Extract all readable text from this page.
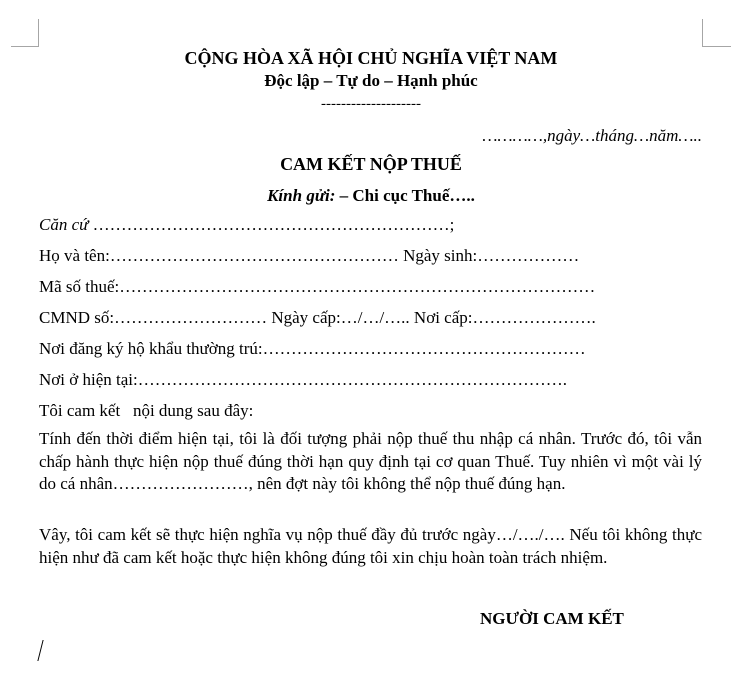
CỘNG HÒA XÃ HỘI CHỦ NGHĨA VIỆT NAM
Độc lập – Tự do – Hạnh phúc
--------------------
…………,ngày…tháng…năm…..
CAM KẾT NỘP THUẾ
Kính gửi: – Chi cục Thuế…..
Căn cứ ………………………………………………………;
Họ và tên:…………………………………………… Ngày sinh:………………
Mã số thuế:…………………………………………………………………………
CMND số:……………………… Ngày cấp:…/…/….. Nơi cấp:………………….
Nơi đăng ký hộ khẩu thường trú:…………………………………………………
Nơi ở hiện tại:………………………………………………………………….
Tôi cam kết   nội dung sau đây:
Tính đến thời điểm hiện tại, tôi là đối tượng phải nộp thuế thu nhập cá nhân. Trước đó, tôi vẫn chấp hành thực hiện nộp thuế đúng thời hạn quy định tại cơ quan Thuế. Tuy nhiên vì một vài lý do cá nhân……………………, nên đợt này tôi không thể nộp thuế đúng hạn.
Vây, tôi cam kết sẽ thực hiện nghĩa vụ nộp thuế đầy đủ trước ngày…/…./…. Nếu tôi không thực hiện như đã cam kết hoặc thực hiện không đúng tôi xin chịu hoàn toàn trách nhiệm.
NGƯỜI CAM KẾT
